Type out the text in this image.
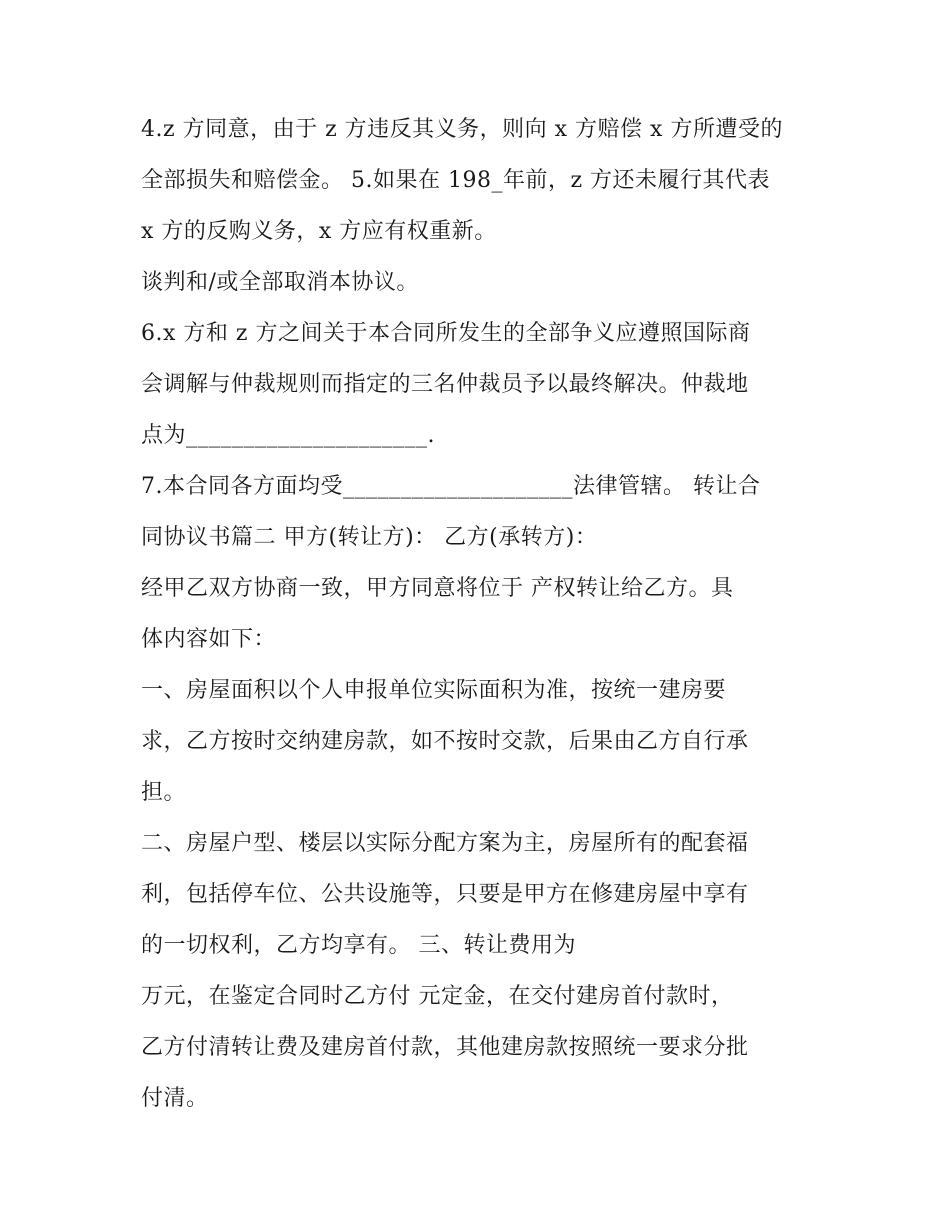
4.z 方同意，由于 z 方违反其义务，则向 x 方赔偿 x 方所遭受的
全部损失和赔偿金。 5.如果在 198_年前，z 方还未履行其代表
x 方的反购义务，x 方应有权重新。
谈判和/或全部取消本协议。
6.x 方和 z 方之间关于本合同所发生的全部争义应遵照国际商
会调解与仲裁规则而指定的三名仲裁员予以最终解决。仲裁地
点为_____________________.
7.本合同各方面均受____________________法律管辖。 转让合
同协议书篇二 甲方(转让方)： 乙方(承转方)：
经甲乙双方协商一致，甲方同意将位于 产权转让给乙方。具
体内容如下：
一、房屋面积以个人申报单位实际面积为准，按统一建房要
求，乙方按时交纳建房款，如不按时交款，后果由乙方自行承
担。
二、房屋户型、楼层以实际分配方案为主，房屋所有的配套福
利，包括停车位、公共设施等，只要是甲方在修建房屋中享有
的一切权利，乙方均享有。 三、转让费用为
万元，在鉴定合同时乙方付 元定金，在交付建房首付款时，
乙方付清转让费及建房首付款，其他建房款按照统一要求分批
付清。
